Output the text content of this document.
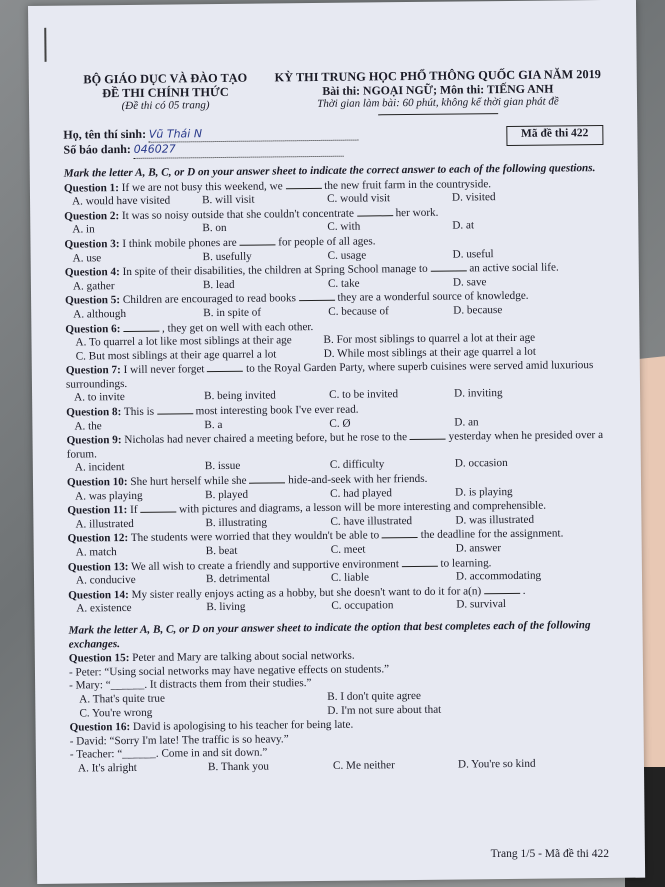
BỘ GIÁO DỤC VÀ ĐÀO TẠO
ĐỀ THI CHÍNH THỨC
(Đề thi có 05 trang)
KỲ THI TRUNG HỌC PHỔ THÔNG QUỐC GIA NĂM 2019
Bài thi: NGOẠI NGỮ; Môn thi: TIẾNG ANH
Thời gian làm bài: 60 phút, không kể thời gian phát đề
Họ, tên thí sinh: Vũ Thái N
Số báo danh: 046027
Mã đề thi 422
Mark the letter A, B, C, or D on your answer sheet to indicate the correct answer to each of the following questions.
Question 1: If we are not busy this weekend, we	the new fruit farm in the countryside.
A. would have visited	B. will visit	C. would visit	D. visited
Question 2: It was so noisy outside that she couldn't concentrate	her work.
A. in	B. on	C. with	D. at
Question 3: I think mobile phones are	for people of all ages.
A. use	B. usefully	C. usage	D. useful
Question 4: In spite of their disabilities, the children at Spring School manage to	an active social life.
A. gather	B. lead	C. take	D. save
Question 5: Children are encouraged to read books	they are a wonderful source of knowledge.
A. although	B. in spite of	C. because of	D. because
Question 6:	, they get on well with each other.
A. To quarrel a lot like most siblings at their age	B. For most siblings to quarrel a lot at their age
C. But most siblings at their age quarrel a lot	D. While most siblings at their age quarrel a lot
Question 7: I will never forget	to the Royal Garden Party, where superb cuisines were served amid luxurious surroundings.
A. to invite	B. being invited	C. to be invited	D. inviting
Question 8: This is	most interesting book I've ever read.
A. the	B. a	C. Ø	D. an
Question 9: Nicholas had never chaired a meeting before, but he rose to the	yesterday when he presided over a forum.
A. incident	B. issue	C. difficulty	D. occasion
Question 10: She hurt herself while she	hide-and-seek with her friends.
A. was playing	B. played	C. had played	D. is playing
Question 11: If	with pictures and diagrams, a lesson will be more interesting and comprehensible.
A. illustrated	B. illustrating	C. have illustrated	D. was illustrated
Question 12: The students were worried that they wouldn't be able to	the deadline for the assignment.
A. match	B. beat	C. meet	D. answer
Question 13: We all wish to create a friendly and supportive environment	to learning.
A. conducive	B. detrimental	C. liable	D. accommodating
Question 14: My sister really enjoys acting as a hobby, but she doesn't want to do it for a(n)	.
A. existence	B. living	C. occupation	D. survival
Mark the letter A, B, C, or D on your answer sheet to indicate the option that best completes each of the following exchanges.
Question 15: Peter and Mary are talking about social networks.
- Peter: “Using social networks may have negative effects on students.”
- Mary: “______. It distracts them from their studies.”
A. That's quite true	B. I don't quite agree
C. You're wrong	D. I'm not sure about that
Question 16: David is apologising to his teacher for being late.
- David: “Sorry I'm late! The traffic is so heavy.”
- Teacher: “______. Come in and sit down.”
A. It's alright	B. Thank you	C. Me neither	D. You're so kind
Trang 1/5 - Mã đề thi 422
